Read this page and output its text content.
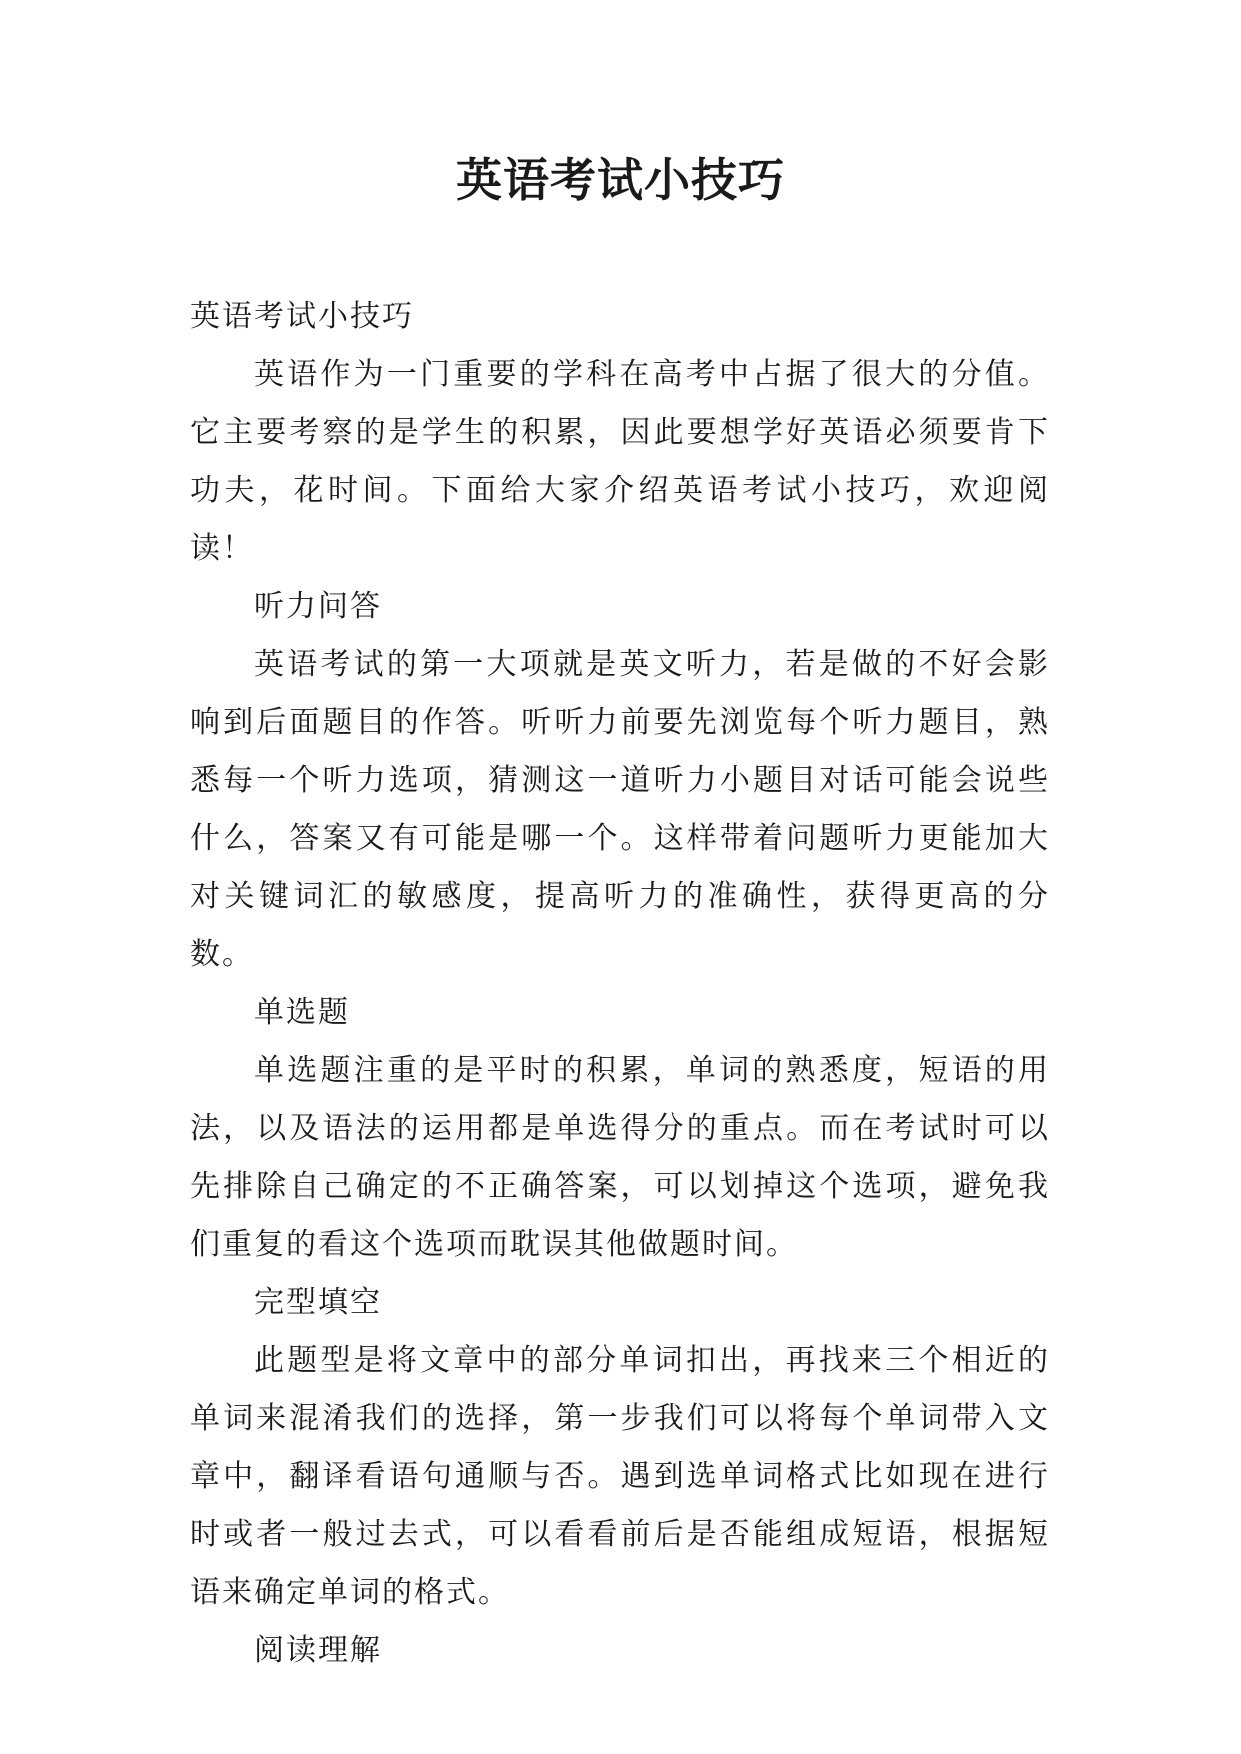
英语考试小技巧

英语考试小技巧

英语作为一门重要的学科在高考中占据了很大的分值。它主要考察的是学生的积累，因此要想学好英语必须要肯下功夫，花时间。下面给大家介绍英语考试小技巧，欢迎阅读！

听力问答

英语考试的第一大项就是英文听力，若是做的不好会影响到后面题目的作答。听听力前要先浏览每个听力题目，熟悉每一个听力选项，猜测这一道听力小题目对话可能会说些什么，答案又有可能是哪一个。这样带着问题听力更能加大对关键词汇的敏感度，提高听力的准确性，获得更高的分数。

单选题

单选题注重的是平时的积累，单词的熟悉度，短语的用法，以及语法的运用都是单选得分的重点。而在考试时可以先排除自己确定的不正确答案，可以划掉这个选项，避免我们重复的看这个选项而耽误其他做题时间。

完型填空

此题型是将文章中的部分单词扣出，再找来三个相近的单词来混淆我们的选择，第一步我们可以将每个单词带入文章中，翻译看语句通顺与否。遇到选单词格式比如现在进行时或者一般过去式，可以看看前后是否能组成短语，根据短语来确定单词的格式。

阅读理解
